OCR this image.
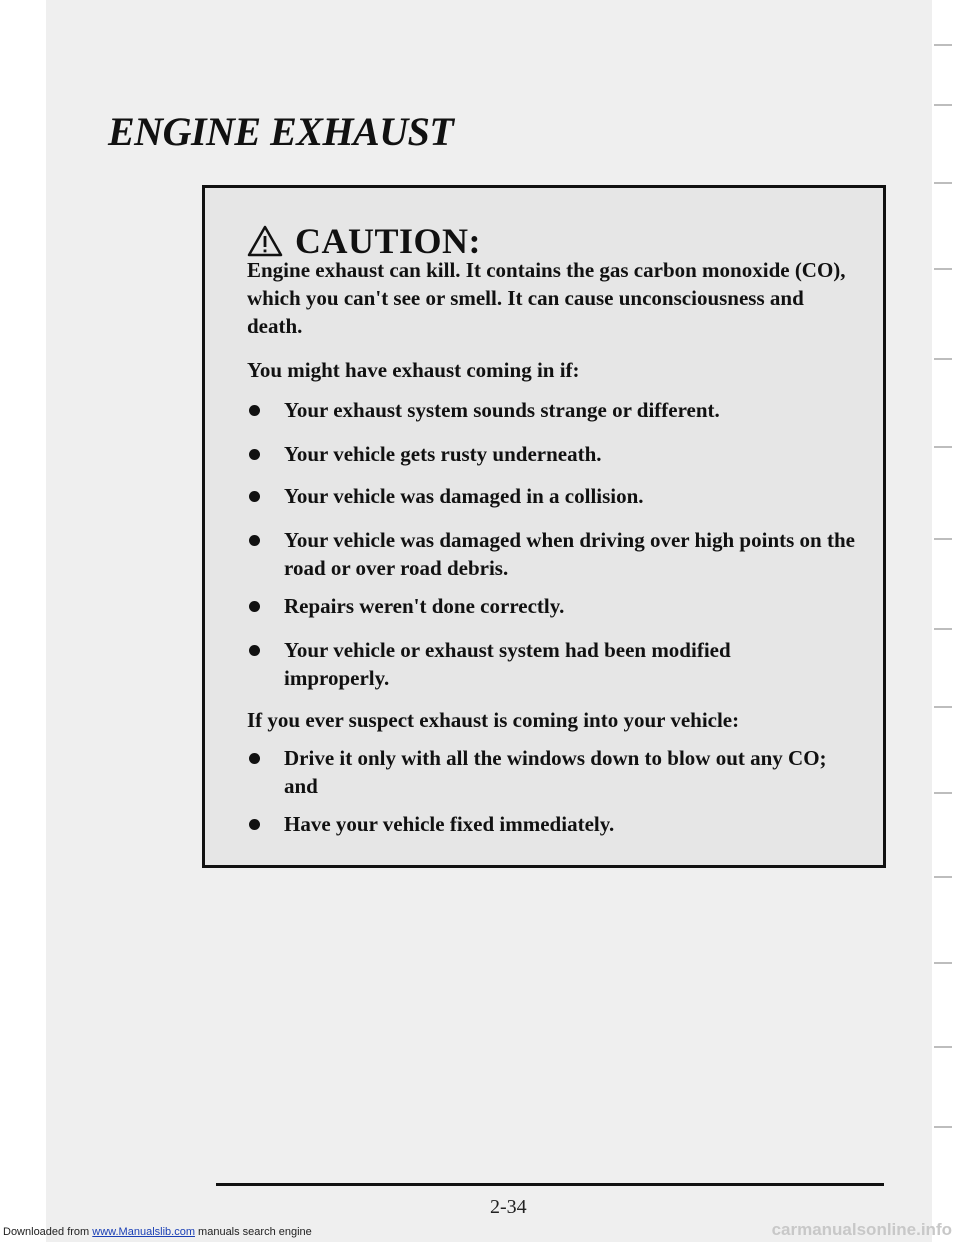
ENGINE EXHAUST
CAUTION:

Engine exhaust can kill. It contains the gas carbon monoxide (CO), which you can't see or smell. It can cause unconsciousness and death.

You might have exhaust coming in if:

Your exhaust system sounds strange or different.
Your vehicle gets rusty underneath.
Your vehicle was damaged in a collision.
Your vehicle was damaged when driving over high points on the road or over road debris.
Repairs weren't done correctly.
Your vehicle or exhaust system had been modified improperly.

If you ever suspect exhaust is coming into your vehicle:

Drive it only with all the windows down to blow out any CO; and
Have your vehicle fixed immediately.
2-34
Downloaded from www.Manualslib.com manuals search engine	carmanualsonline.info
